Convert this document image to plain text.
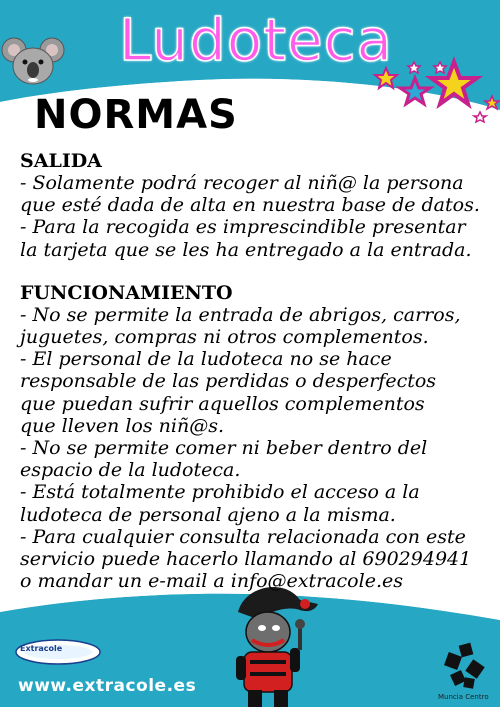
Ludoteca
NORMAS
SALIDA
- Solamente podrá recoger al niñ@ la persona
que esté dada de alta en nuestra base de datos.
- Para la recogida es imprescindible presentar
la tarjeta que se les ha entregado a la entrada.
FUNCIONAMIENTO
- No se permite la entrada de abrigos, carros,
juguetes, compras ni otros complementos.
- El personal de la ludoteca no se hace
responsable de las perdidas o desperfectos
que puedan sufrir aquellos complementos
que lleven los niñ@s.
- No se permite comer ni beber dentro del
espacio de la ludoteca.
- Está totalmente prohibido el acceso a la
ludoteca de personal ajeno a la misma.
- Para cualquier consulta relacionada con este
servicio puede hacerlo llamando al 690294941
o mandar un e-mail a info@extracole.es
Extracole
www.extracole.es
Muncia Centro
